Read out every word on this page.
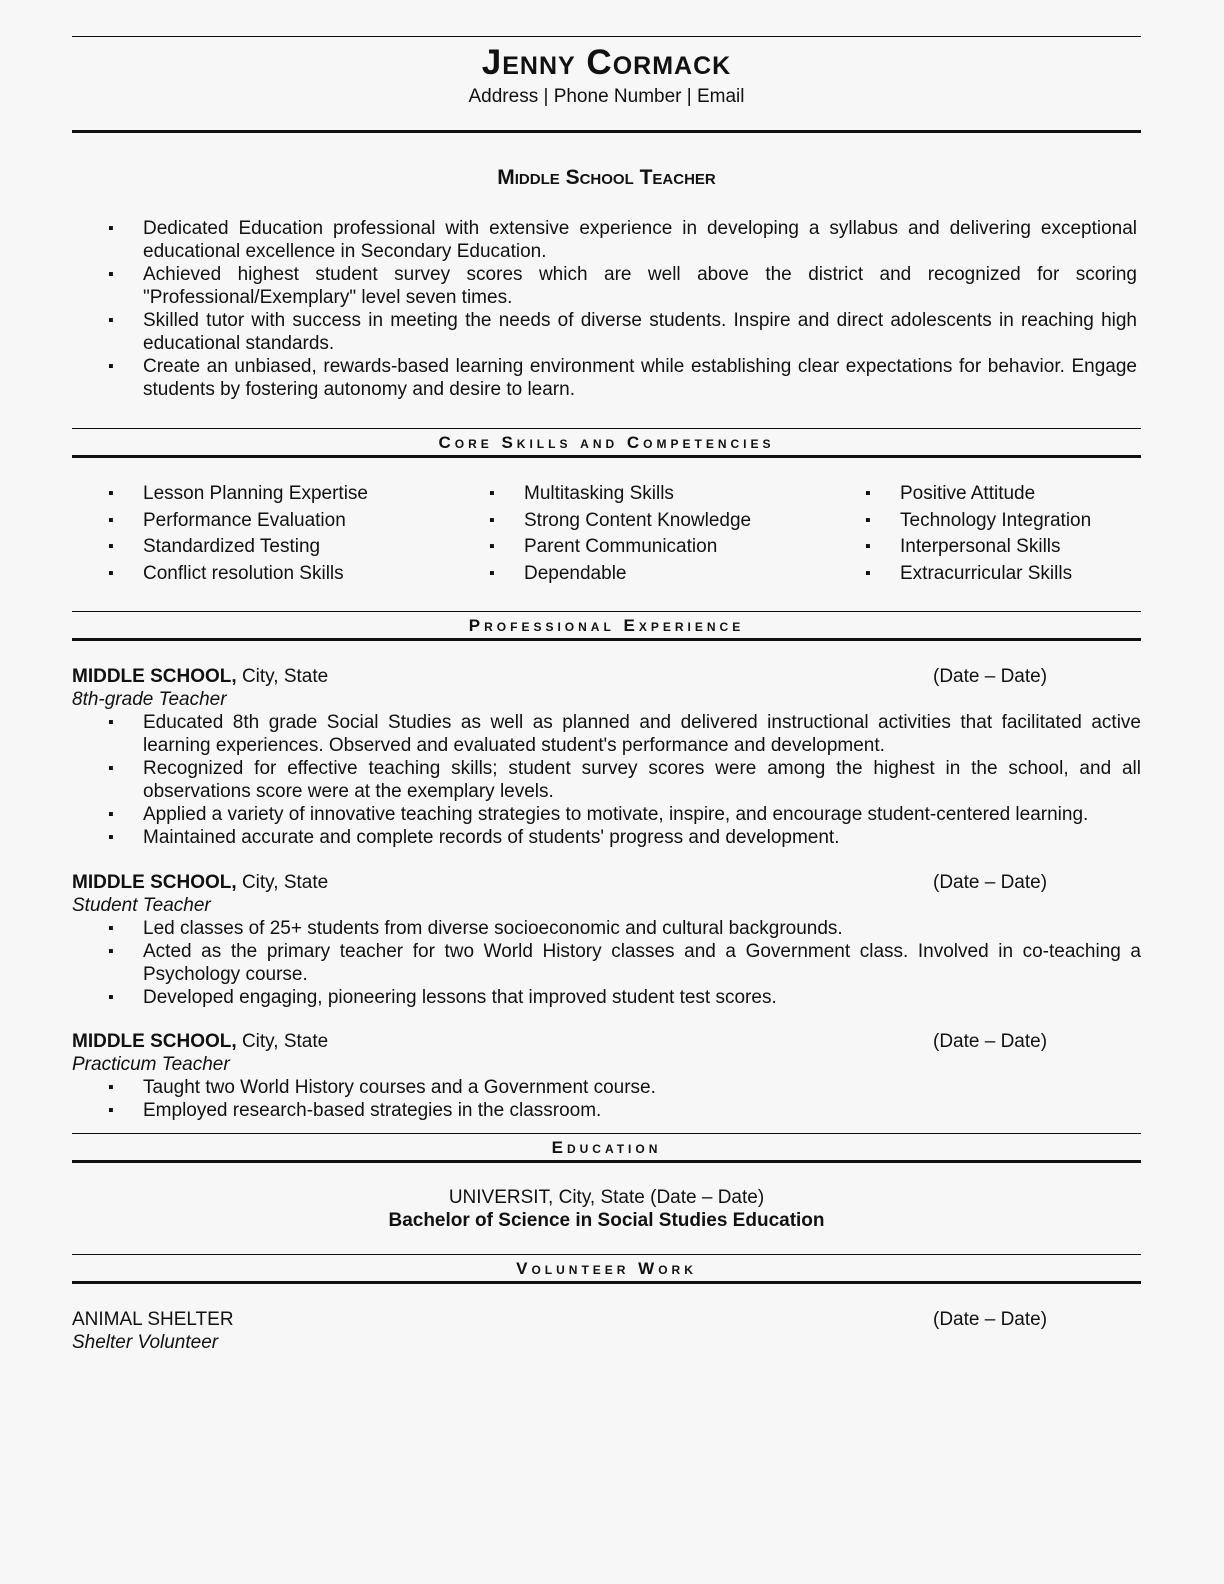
Jenny Cormack
Address | Phone Number | Email
Middle School Teacher
▪ Dedicated Education professional with extensive experience in developing a syllabus and delivering exceptional educational excellence in Secondary Education.
▪ Achieved highest student survey scores which are well above the district and recognized for scoring "Professional/Exemplary" level seven times.
▪ Skilled tutor with success in meeting the needs of diverse students. Inspire and direct adolescents in reaching high educational standards.
▪ Create an unbiased, rewards-based learning environment while establishing clear expectations for behavior. Engage students by fostering autonomy and desire to learn.
Core Skills and Competencies
▪ Lesson Planning Expertise
▪ Performance Evaluation
▪ Standardized Testing
▪ Conflict resolution Skills
▪ Multitasking Skills
▪ Strong Content Knowledge
▪ Parent Communication
▪ Dependable
▪ Positive Attitude
▪ Technology Integration
▪ Interpersonal Skills
▪ Extracurricular Skills
Professional Experience
MIDDLE SCHOOL, City, State	(Date – Date)
8th-grade Teacher
▪ Educated 8th grade Social Studies as well as planned and delivered instructional activities that facilitated active learning experiences. Observed and evaluated student's performance and development.
▪ Recognized for effective teaching skills; student survey scores were among the highest in the school, and all observations score were at the exemplary levels.
▪ Applied a variety of innovative teaching strategies to motivate, inspire, and encourage student-centered learning.
▪ Maintained accurate and complete records of students' progress and development.
MIDDLE SCHOOL, City, State	(Date – Date)
Student Teacher
▪ Led classes of 25+ students from diverse socioeconomic and cultural backgrounds.
▪ Acted as the primary teacher for two World History classes and a Government class. Involved in co-teaching a Psychology course.
▪ Developed engaging, pioneering lessons that improved student test scores.
MIDDLE SCHOOL, City, State	(Date – Date)
Practicum Teacher
▪ Taught two World History courses and a Government course.
▪ Employed research-based strategies in the classroom.
Education
UNIVERSIT, City, State (Date – Date)
Bachelor of Science in Social Studies Education
Volunteer Work
ANIMAL SHELTER	(Date – Date)
Shelter Volunteer
